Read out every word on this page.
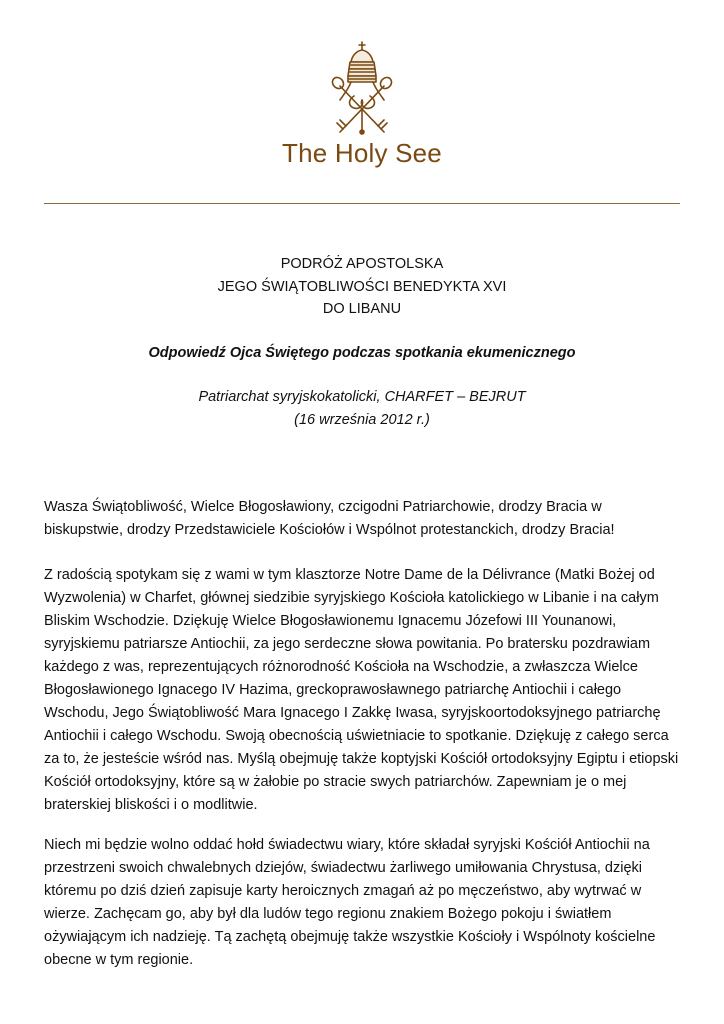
The Holy See
PODRÓŻ APOSTOLSKA
JEGO ŚWIĄTOBLIWOŚCI BENEDYKTA XVI
DO LIBANU
Odpowiedź Ojca Świętego podczas spotkania ekumenicznego
Patriarchat syryjskokatolicki, CHARFET – BEJRUT
(16 września 2012 r.)

Wasza Świątobliwość, Wielce Błogosławiony, czcigodni Patriarchowie, drodzy Bracia w biskupstwie, drodzy Przedstawiciele Kościołów i Wspólnot protestanckich, drodzy Bracia!

Z radością spotykam się z wami w tym klasztorze Notre Dame de la Délivrance (Matki Bożej od Wyzwolenia) w Charfet, głównej siedzibie syryjskiego Kościoła katolickiego w Libanie i na całym Bliskim Wschodzie. Dziękuję Wielce Błogosławionemu Ignacemu Józefowi III Younanowi, syryjskiemu patriarsze Antiochii, za jego serdeczne słowa powitania. Po bratersku pozdrawiam każdego z was, reprezentujących różnorodność Kościoła na Wschodzie, a zwłaszcza Wielce Błogosławionego Ignacego IV Hazima, greckoprawosławnego patriarchę Antiochii i całego Wschodu, Jego Świątobliwość Mara Ignacego I Zakkę Iwasa, syryjskoortodoksyjnego patriarchę Antiochii i całego Wschodu. Swoją obecnością uświetniacie to spotkanie. Dziękuję z całego serca za to, że jesteście wśród nas. Myślą obejmuję także koptyjski Kościół ortodoksyjny Egiptu i etiopski Kościół ortodoksyjny, które są w żałobie po stracie swych patriarchów. Zapewniam je o mej braterskiej bliskości i o modlitwie.

Niech mi będzie wolno oddać hołd świadectwu wiary, które składał syryjski Kościół Antiochii na przestrzeni swoich chwalebnych dziejów, świadectwu żarliwego umiłowania Chrystusa, dzięki któremu po dziś dzień zapisuje karty heroicznych zmagań aż po męczeństwo, aby wytrwać w wierze. Zachęcam go, aby był dla ludów tego regionu znakiem Bożego pokoju i światłem ożywiającym ich nadzieję. Tą zachętą obejmuję także wszystkie Kościoły i Wspólnoty kościelne obecne w tym regionie.
